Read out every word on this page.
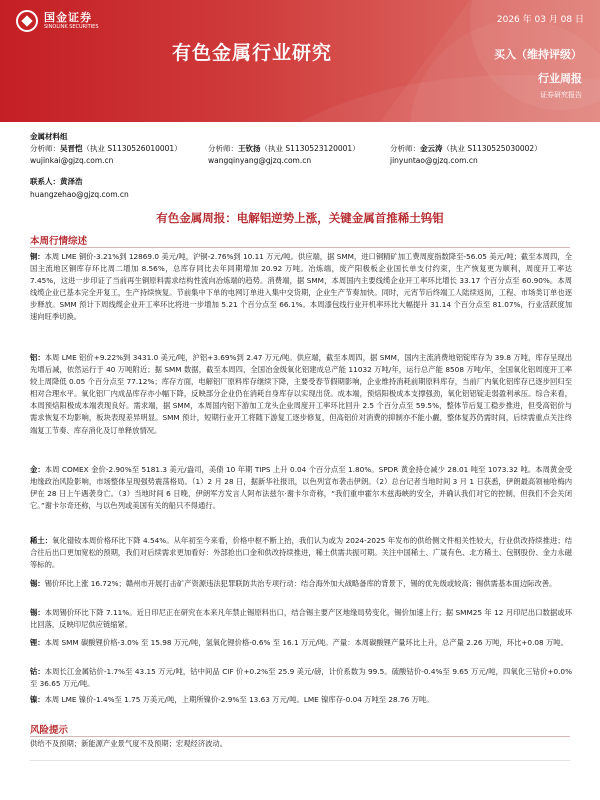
国金证券
SINOLINK SECURITIES
2026 年 03 月 08 日
有色金属行业研究	买入（维持评级）
行业周报
证券研究报告
金属材料组
分析师：吴晋恺（执业 S1130526010001）
wujinkai@gjzq.com.cn
分析师：王钦扬（执业 S1130523120001）
wangqinyang@gjzq.com.cn
分析师：金云涛（执业 S1130525030002）
jinyuntao@gjzq.com.cn
联系人：黄泽浩
huangzehao@gjzq.com.cn
有色金属周报：电解铝逆势上涨，关键金属首推稀土钨钼
本周行情综述
铜：本周 LME 铜价-3.21%到 12869.0 美元/吨，沪铜-2.76%到 10.11 万元/吨。供应端，据 SMM，进口铜精矿加工费周度指数降至-56.05 美元/吨；截至本周四，全国主流地区铜库存环比周二增加 8.56%，总库存同比去年同期增加 20.92 万吨。冶炼端，废产阳极板企业国长单支付约束，生产恢复更为顺利，周度开工率达 7.45%，这进一步印证了当前再生铜原料需求结构性流向冶炼端的趋势。消费端，据 SMM，本周国内主要线缆企业开工率环比增长 33.17 个百分点至 60.90%。本周线缆企业已基本完全开复工，生产持续恢复。节前集中下单的电网订单进入集中交货期，企业生产节奏加快。同时，元宵节后终端工人陆续返岗，工程、市场类订单也逐步释放。SMM 预计下周线缆企业开工率环比将进一步增加 5.21 个百分点至 66.1%。本周漆包线行业开机率环比大幅提升 31.14 个百分点至 81.07%，行业活跃度加速向旺季切换。
铝：本周 LME 铝价+9.22%到 3431.0 美元/吨，沪铝+3.69%到 2.47 万元/吨。供应端，截至本周四，据 SMM，国内主流消费地铝锭库存为 39.8 万吨，库存呈现出先增后减，依然运行于 40 万吨附近；据 SMM 数据，截至本周四，全国冶金级氧化铝建成总产能 11032 万吨/年，运行总产能 8508 万吨/年，全国氧化铝周度开工率较上周降低 0.05 个百分点至 77.12%；库存方面，电解铝厂原料库存继续下降，主要受春节假期影响，企业维持消耗前期原料库存，当前厂内氧化铝库存已逐步回归至相对合理水平。氧化铝厂内成品库存亦小幅下降，反映部分企业仍在消耗自身库存以实现出货。成本端，预焙阳极成本支撑强劲，氧化铝铝锭走弱盈利承压。综合来看，本周预焙阳极成本端表现良好。需求端，据 SMM，本周国内铝下游加工龙头企业周度开工率环比回升 2.5 个百分点至 59.5%，整体节后复工稳步推进，但受高铝价与需求恢复不均影响，板块表现差异明显。SMM 预计，短期行业开工将随下游复工逐步修复，但高铝价对消费的抑制亦不能小觑，整体复苏仍需时间，后续需重点关注终端复工节奏、库存消化及订单释放情况。
金：本周 COMEX 金价-2.90%至 5181.3 美元/盎司，美债 10 年期 TIPS 上升 0.04 个百分点至 1.80%。SPDR 黄金持仓减少 28.01 吨至 1073.32 吨。本周黄金受地缘政治风险影响，市场整体呈现强势震荡格局。（1）2 月 28 日，据新华社报讯，以色列宣布袭击伊朗。（2）总台记者当地时间 3 月 1 日获悉，伊朗最高领袖哈梅内伊在 28 日上午遇袭身亡。（3）当地时间 6 日晚，伊朗军方发言人阿布法兹尔·谢卡尔奇称，“我们重申霍尔木兹海峡的安全，并确认我们对它的控制，但我们不会关闭它。”谢卡尔奇还称，与以色列或美国有关的船只不得通行。
稀土：氧化镨钕本周价格环比下降 4.54%。从年初至今来看，价格中枢不断上抬，我们认为或为 2024-2025 年发布的供给侧文件相关性较大，行业供改持续推进；结合往后出口更加宽松的预期，我们对后续需求更加看好：外部抢出口金和供改持续推进，稀土供需共振可期。关注中国稀土、广晟有色、北方稀土、包钢股份、金力永磁等标的。
锡：锡价环比上涨 16.72%；赣州市开展打击矿产资源违法犯罪联防共治专项行动：结合海外加大战略备库的背景下，锡的优先级或较高；锡供需基本面边际改善。
锡：本周锡价环比下降 7.11%。近日印尼正在研究在本来凡年禁止锡原料出口，结合锡主要产区地缘局势变化，锡价加速上行；据 SMM25 年 12 月印尼出口数据或环比回落，反映印尼供应链缩紧。
锂：本周 SMM 碳酸锂价格-3.0% 至 15.98 万元/吨，氢氧化锂价格-0.6% 至 16.1 万元/吨。产量：本周碳酸锂产量环比上升，总产量 2.26 万吨，环比+0.08 万吨。
钴：本周长江金属钴价-1.7%至 43.15 万元/吨，钴中间品 CIF 价+0.2%至 25.9 美元/磅，计价系数为 99.5。硫酸钴价-0.4%至 9.65 万元/吨，四氧化三钴价+0.0%至 36.65 万元/吨。
镍：本周 LME 镍价-1.4%至 1.75 万美元/吨，上期所镍价-2.9%至 13.63 万元/吨。LME 镍库存-0.04 万吨至 28.76 万吨。
风险提示
供给不及预期；新能源产业景气度不及预期；宏观经济波动。
